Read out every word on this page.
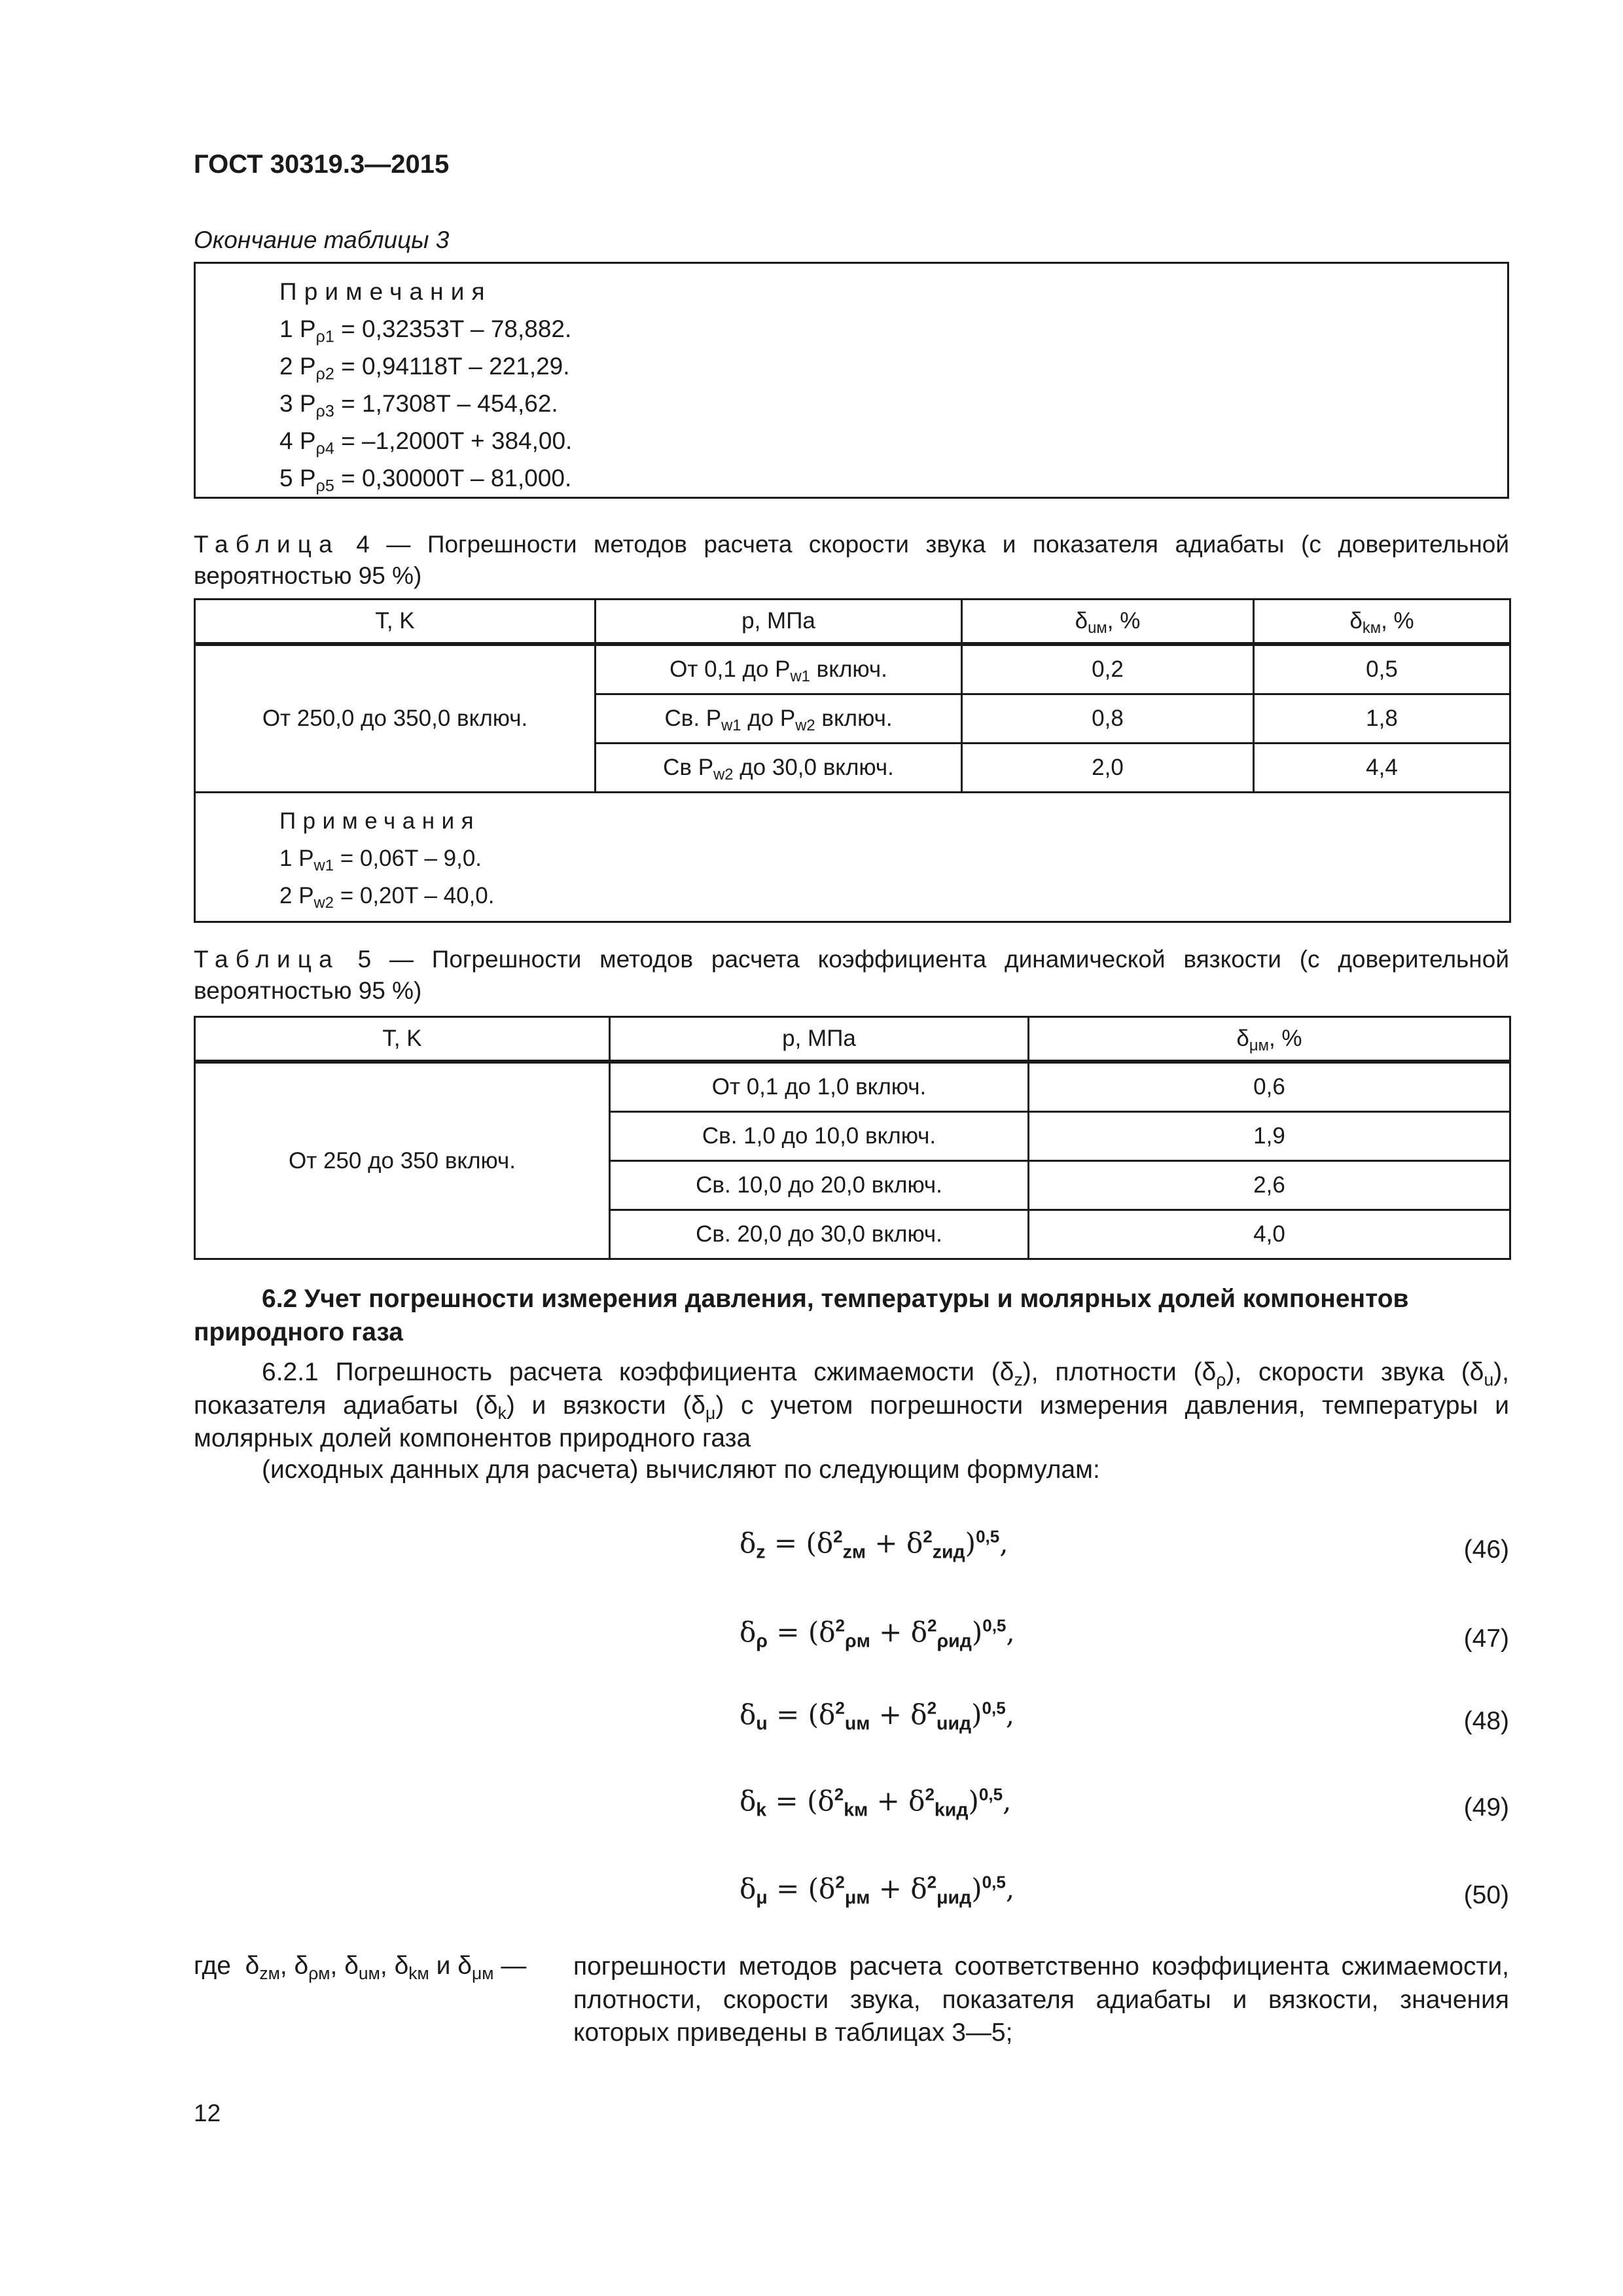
ГОСТ 30319.3—2015
Окончание таблицы 3
Примечания
1 $P_{\rho 1} = 0,32353T - 78,882$.
2 $P_{\rho 2} = 0,94118T - 221,29$.
3 $P_{\rho 3} = 1,7308T - 454,62$.
4 $P_{\rho 4} = -1,2000T + 384,00$.
5 $P_{\rho 5} = 0,30000T - 81,000$.
Таблица 4 — Погрешности методов расчета скорости звука и показателя адиабаты (с доверительной вероятностью 95 %)
T, K	p, МПа	$\delta_{uм}$, %	$\delta_{kм}$, %
От 250,0 до 350,0 включ.	От 0,1 до $P_{w1}$ включ.	0,2	0,5
	Св. $P_{w1}$ до $P_{w2}$ включ.	0,8	1,8
	Св $P_{w2}$ до 30,0 включ.	2,0	4,4

Примечания
1 $P_{w1} = 0,06T - 9,0$.
2 $P_{w2} = 0,20T - 40,0$.			
Таблица 5 — Погрешности методов расчета коэффициента динамической вязкости (с доверительной вероятностью 95 %)
T, K	p, МПа	$\delta_{\mu м}$, %
От 250 до 350 включ.	От 0,1 до 1,0 включ.	0,6
	Св. 1,0 до 10,0 включ.	1,9
	Св. 10,0 до 20,0 включ.	2,6
	Св. 20,0 до 30,0 включ.	4,0
6.2 Учет погрешности измерения давления, температуры и молярных долей компонентов природного газа
6.2.1 Погрешность расчета коэффициента сжимаемости $(\delta_z)$, плотности $(\delta_\rho)$, скорости звука $(\delta_u)$, показателя адиабаты $(\delta_k)$ и вязкости $(\delta_\mu)$ с учетом погрешности измерения давления, температуры и молярных долей компонентов природного газа
(исходных данных для расчета) вычисляют по следующим формулам:
$\delta_z = (\delta^2_{zм} + \delta^2_{zид})^{0,5}$,	(46)
$\delta_\rho = (\delta^2_{\rho м} + \delta^2_{\rho ид})^{0,5}$,	(47)
$\delta_u = (\delta^2_{uм} + \delta^2_{uид})^{0,5}$,	(48)
$\delta_k = (\delta^2_{kм} + \delta^2_{kид})^{0,5}$,	(49)
$\delta_\mu = (\delta^2_{\mu м} + \delta^2_{\mu ид})^{0,5}$,	(50)
где  $\delta_{zм}$, $\delta_{\rho м}$, $\delta_{uм}$, $\delta_{kм}$ и $\delta_{\mu м}$ — погрешности методов расчета соответственно коэффициента сжимаемости, плотности, скорости звука, показателя адиабаты и вязкости, значения которых приведены в таблицах 3—5;
12
